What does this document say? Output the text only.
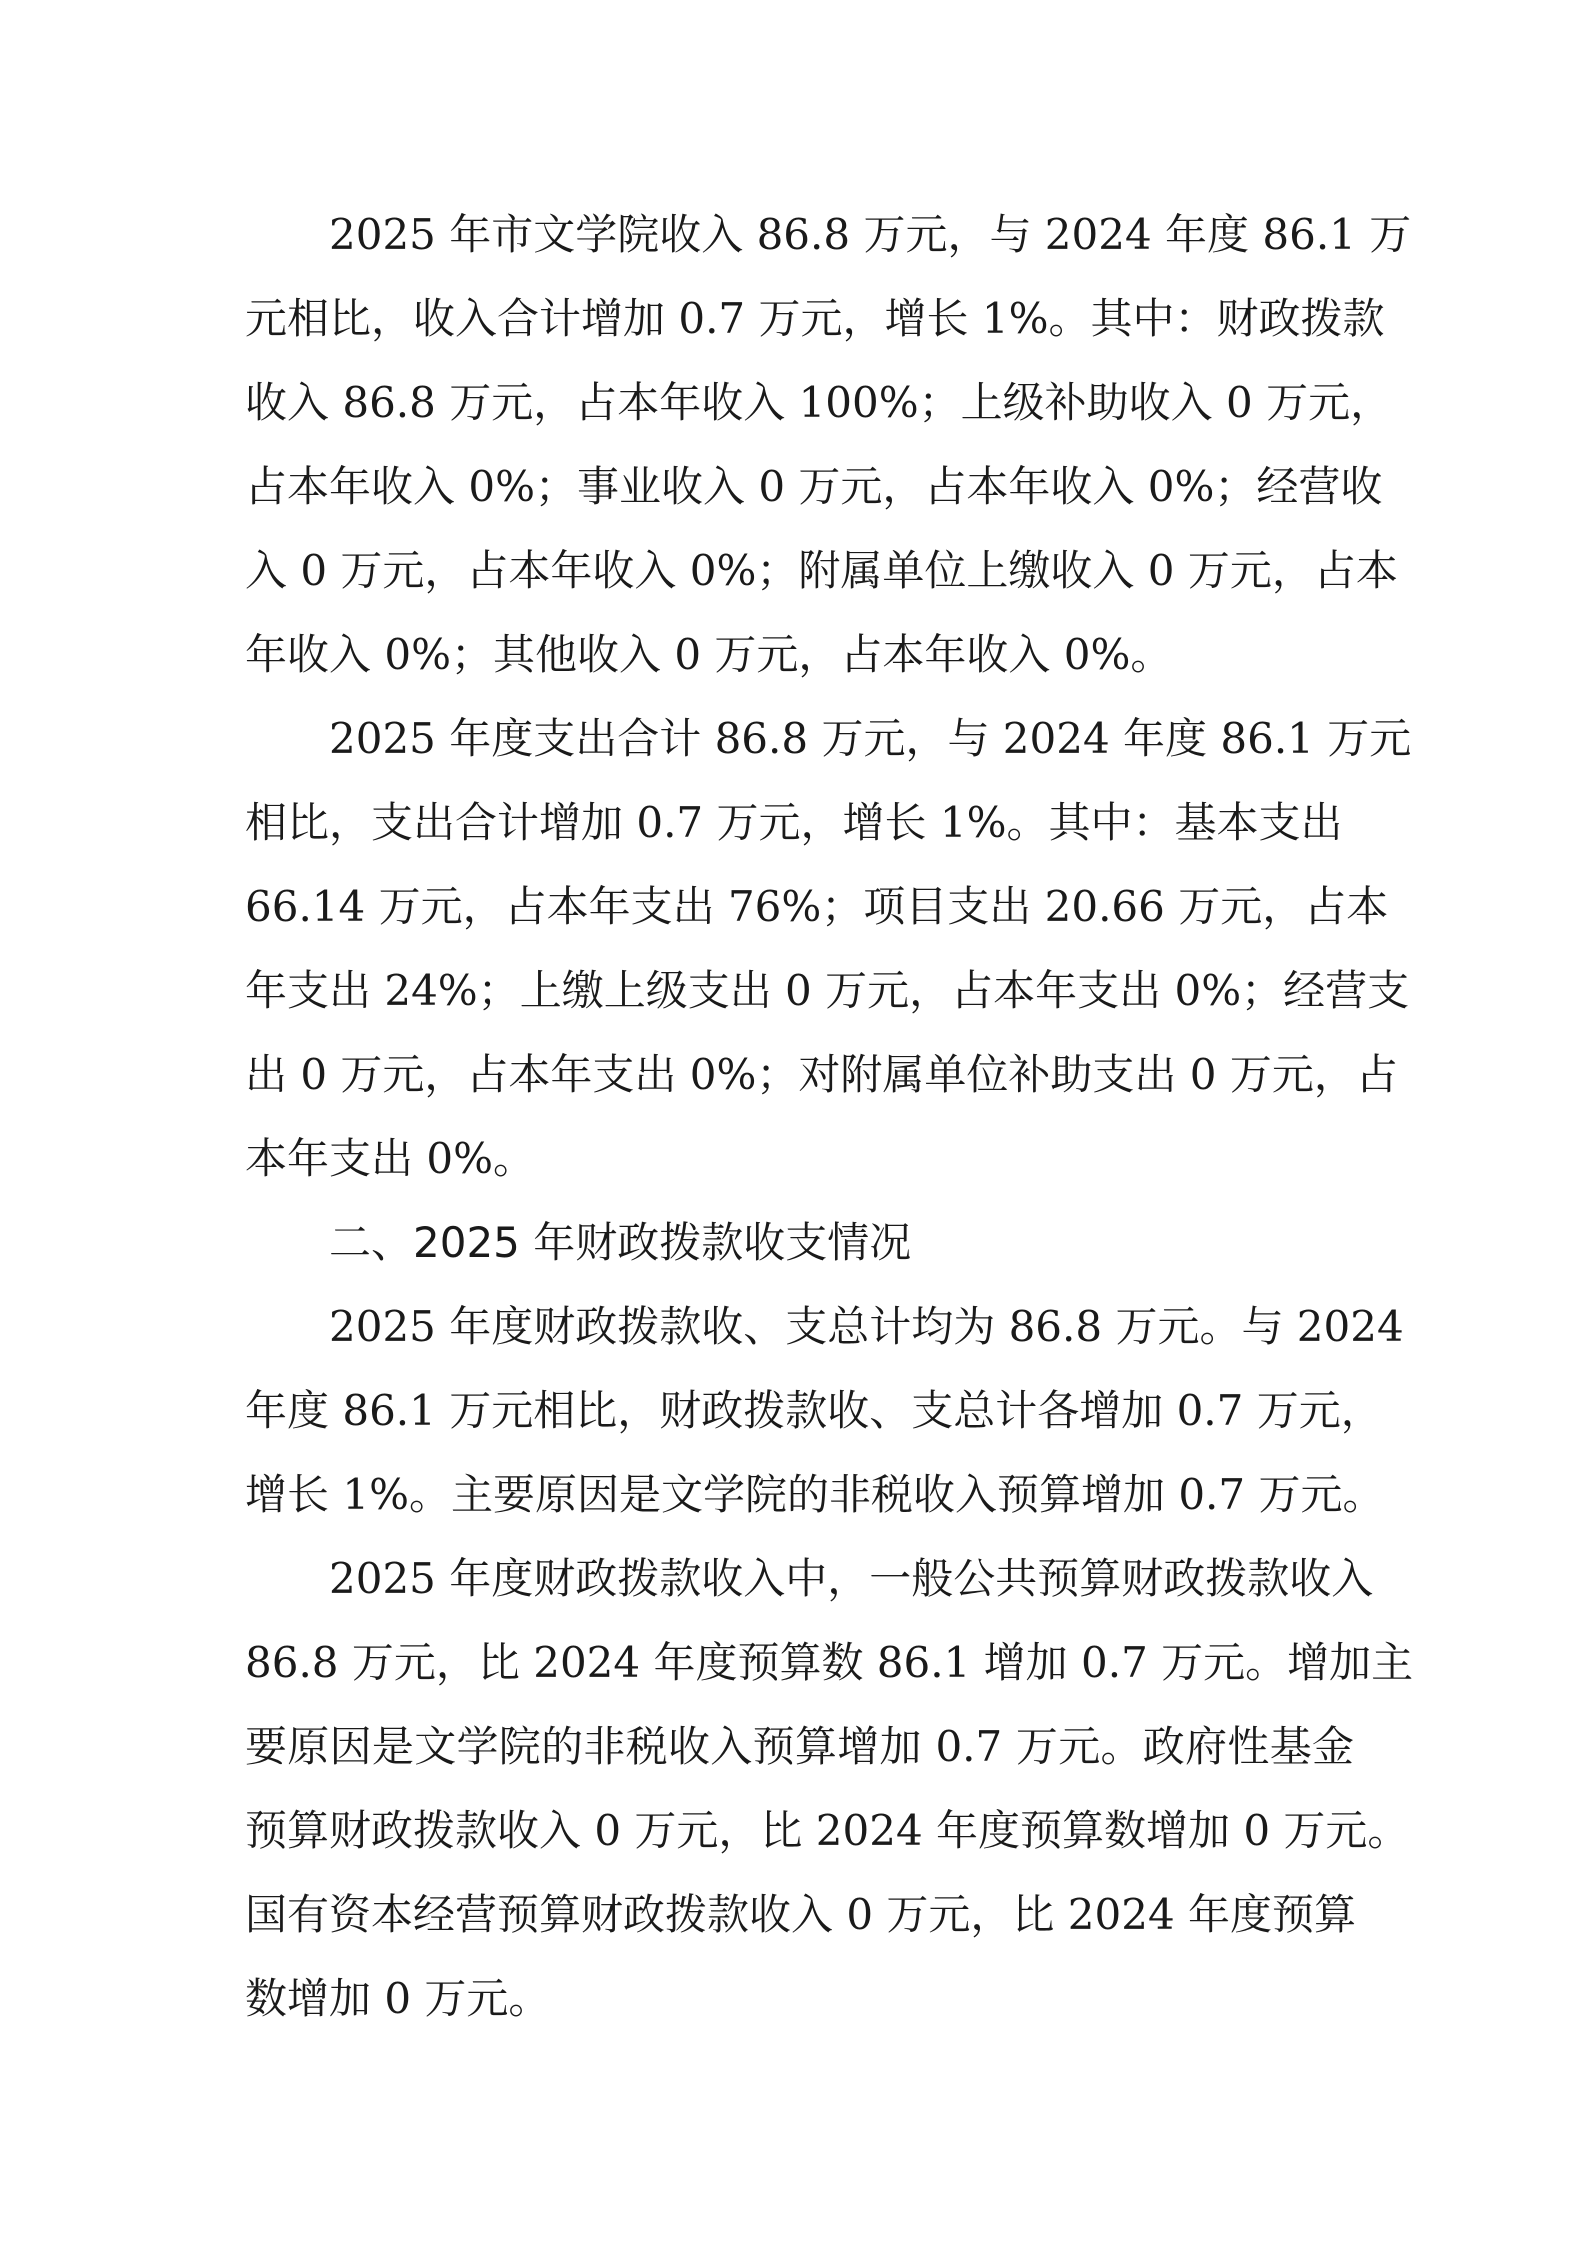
2025 年市文学院收入 86.8 万元，与 2024 年度 86.1 万
元相比，收入合计增加 0.7 万元，增长 1%。其中：财政拨款
收入 86.8 万元，占本年收入 100%；上级补助收入 0 万元，
占本年收入 0%；事业收入 0 万元，占本年收入 0%；经营收
入 0 万元，占本年收入 0%；附属单位上缴收入 0 万元，占本
年收入 0%；其他收入 0 万元，占本年收入 0%。
2025 年度支出合计 86.8 万元，与 2024 年度 86.1 万元
相比，支出合计增加 0.7 万元，增长 1%。其中：基本支出
66.14 万元，占本年支出 76%；项目支出 20.66 万元，占本
年支出 24%；上缴上级支出 0 万元，占本年支出 0%；经营支
出 0 万元，占本年支出 0%；对附属单位补助支出 0 万元，占
本年支出 0%。
二、2025 年财政拨款收支情况
2025 年度财政拨款收、支总计均为 86.8 万元。与 2024
年度 86.1 万元相比，财政拨款收、支总计各增加 0.7 万元，
增长 1%。主要原因是文学院的非税收入预算增加 0.7 万元。
2025 年度财政拨款收入中，一般公共预算财政拨款收入
86.8 万元，比 2024 年度预算数 86.1 增加 0.7 万元。增加主
要原因是文学院的非税收入预算增加 0.7 万元。政府性基金
预算财政拨款收入 0 万元，比 2024 年度预算数增加 0 万元。
国有资本经营预算财政拨款收入 0 万元，比 2024 年度预算
数增加 0 万元。
